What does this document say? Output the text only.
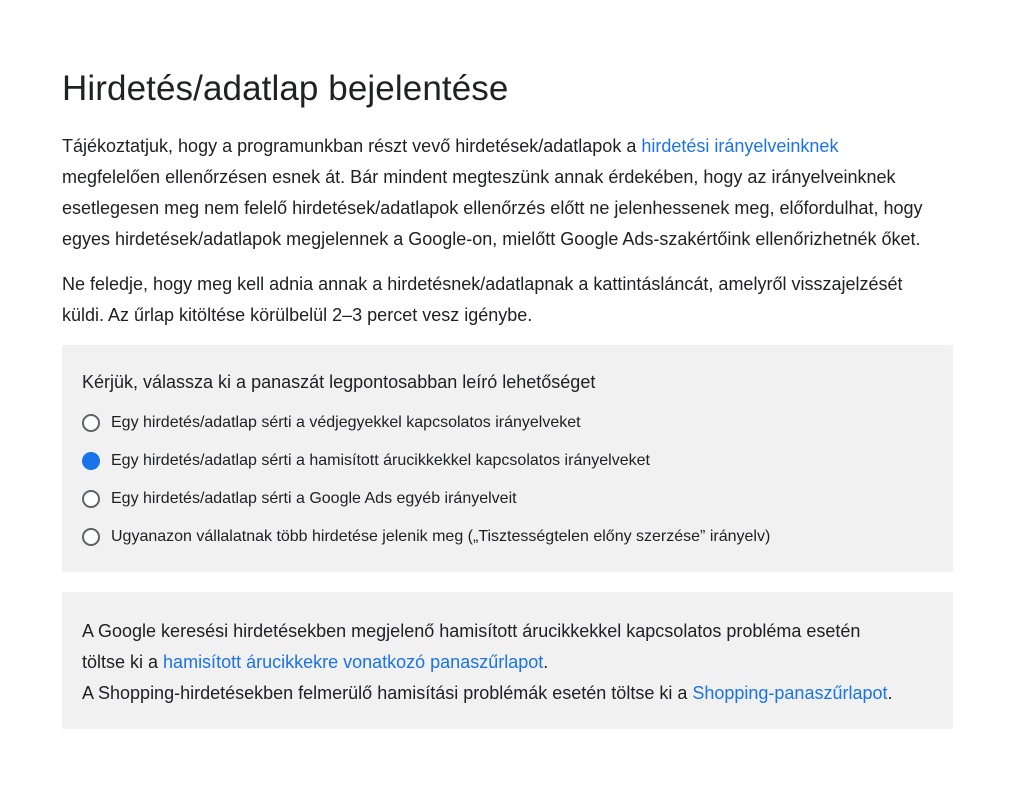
Hirdetés/adatlap bejelentése

Tájékoztatjuk, hogy a programunkban részt vevő hirdetések/adatlapok a hirdetési irányelveinknek megfelelően ellenőrzésen esnek át. Bár mindent megteszünk annak érdekében, hogy az irányelveinknek esetlegesen meg nem felelő hirdetések/adatlapok ellenőrzés előtt ne jelenhessenek meg, előfordulhat, hogy egyes hirdetések/adatlapok megjelennek a Google-on, mielőtt Google Ads-szakértőink ellenőrizhetnék őket.

Ne feledje, hogy meg kell adnia annak a hirdetésnek/adatlapnak a kattintásláncát, amelyről visszajelzését küldi. Az űrlap kitöltése körülbelül 2–3 percet vesz igénybe.

Kérjük, válassza ki a panaszát legpontosabban leíró lehetőséget
Egy hirdetés/adatlap sérti a védjegyekkel kapcsolatos irányelveket
Egy hirdetés/adatlap sérti a hamisított árucikkekkel kapcsolatos irányelveket
Egy hirdetés/adatlap sérti a Google Ads egyéb irányelveit
Ugyanazon vállalatnak több hirdetése jelenik meg („Tisztességtelen előny szerzése” irányelv)

A Google keresési hirdetésekben megjelenő hamisított árucikkekkel kapcsolatos probléma esetén töltse ki a hamisított árucikkekre vonatkozó panaszűrlapot.
A Shopping-hirdetésekben felmerülő hamisítási problémák esetén töltse ki a Shopping-panaszűrlapot.
